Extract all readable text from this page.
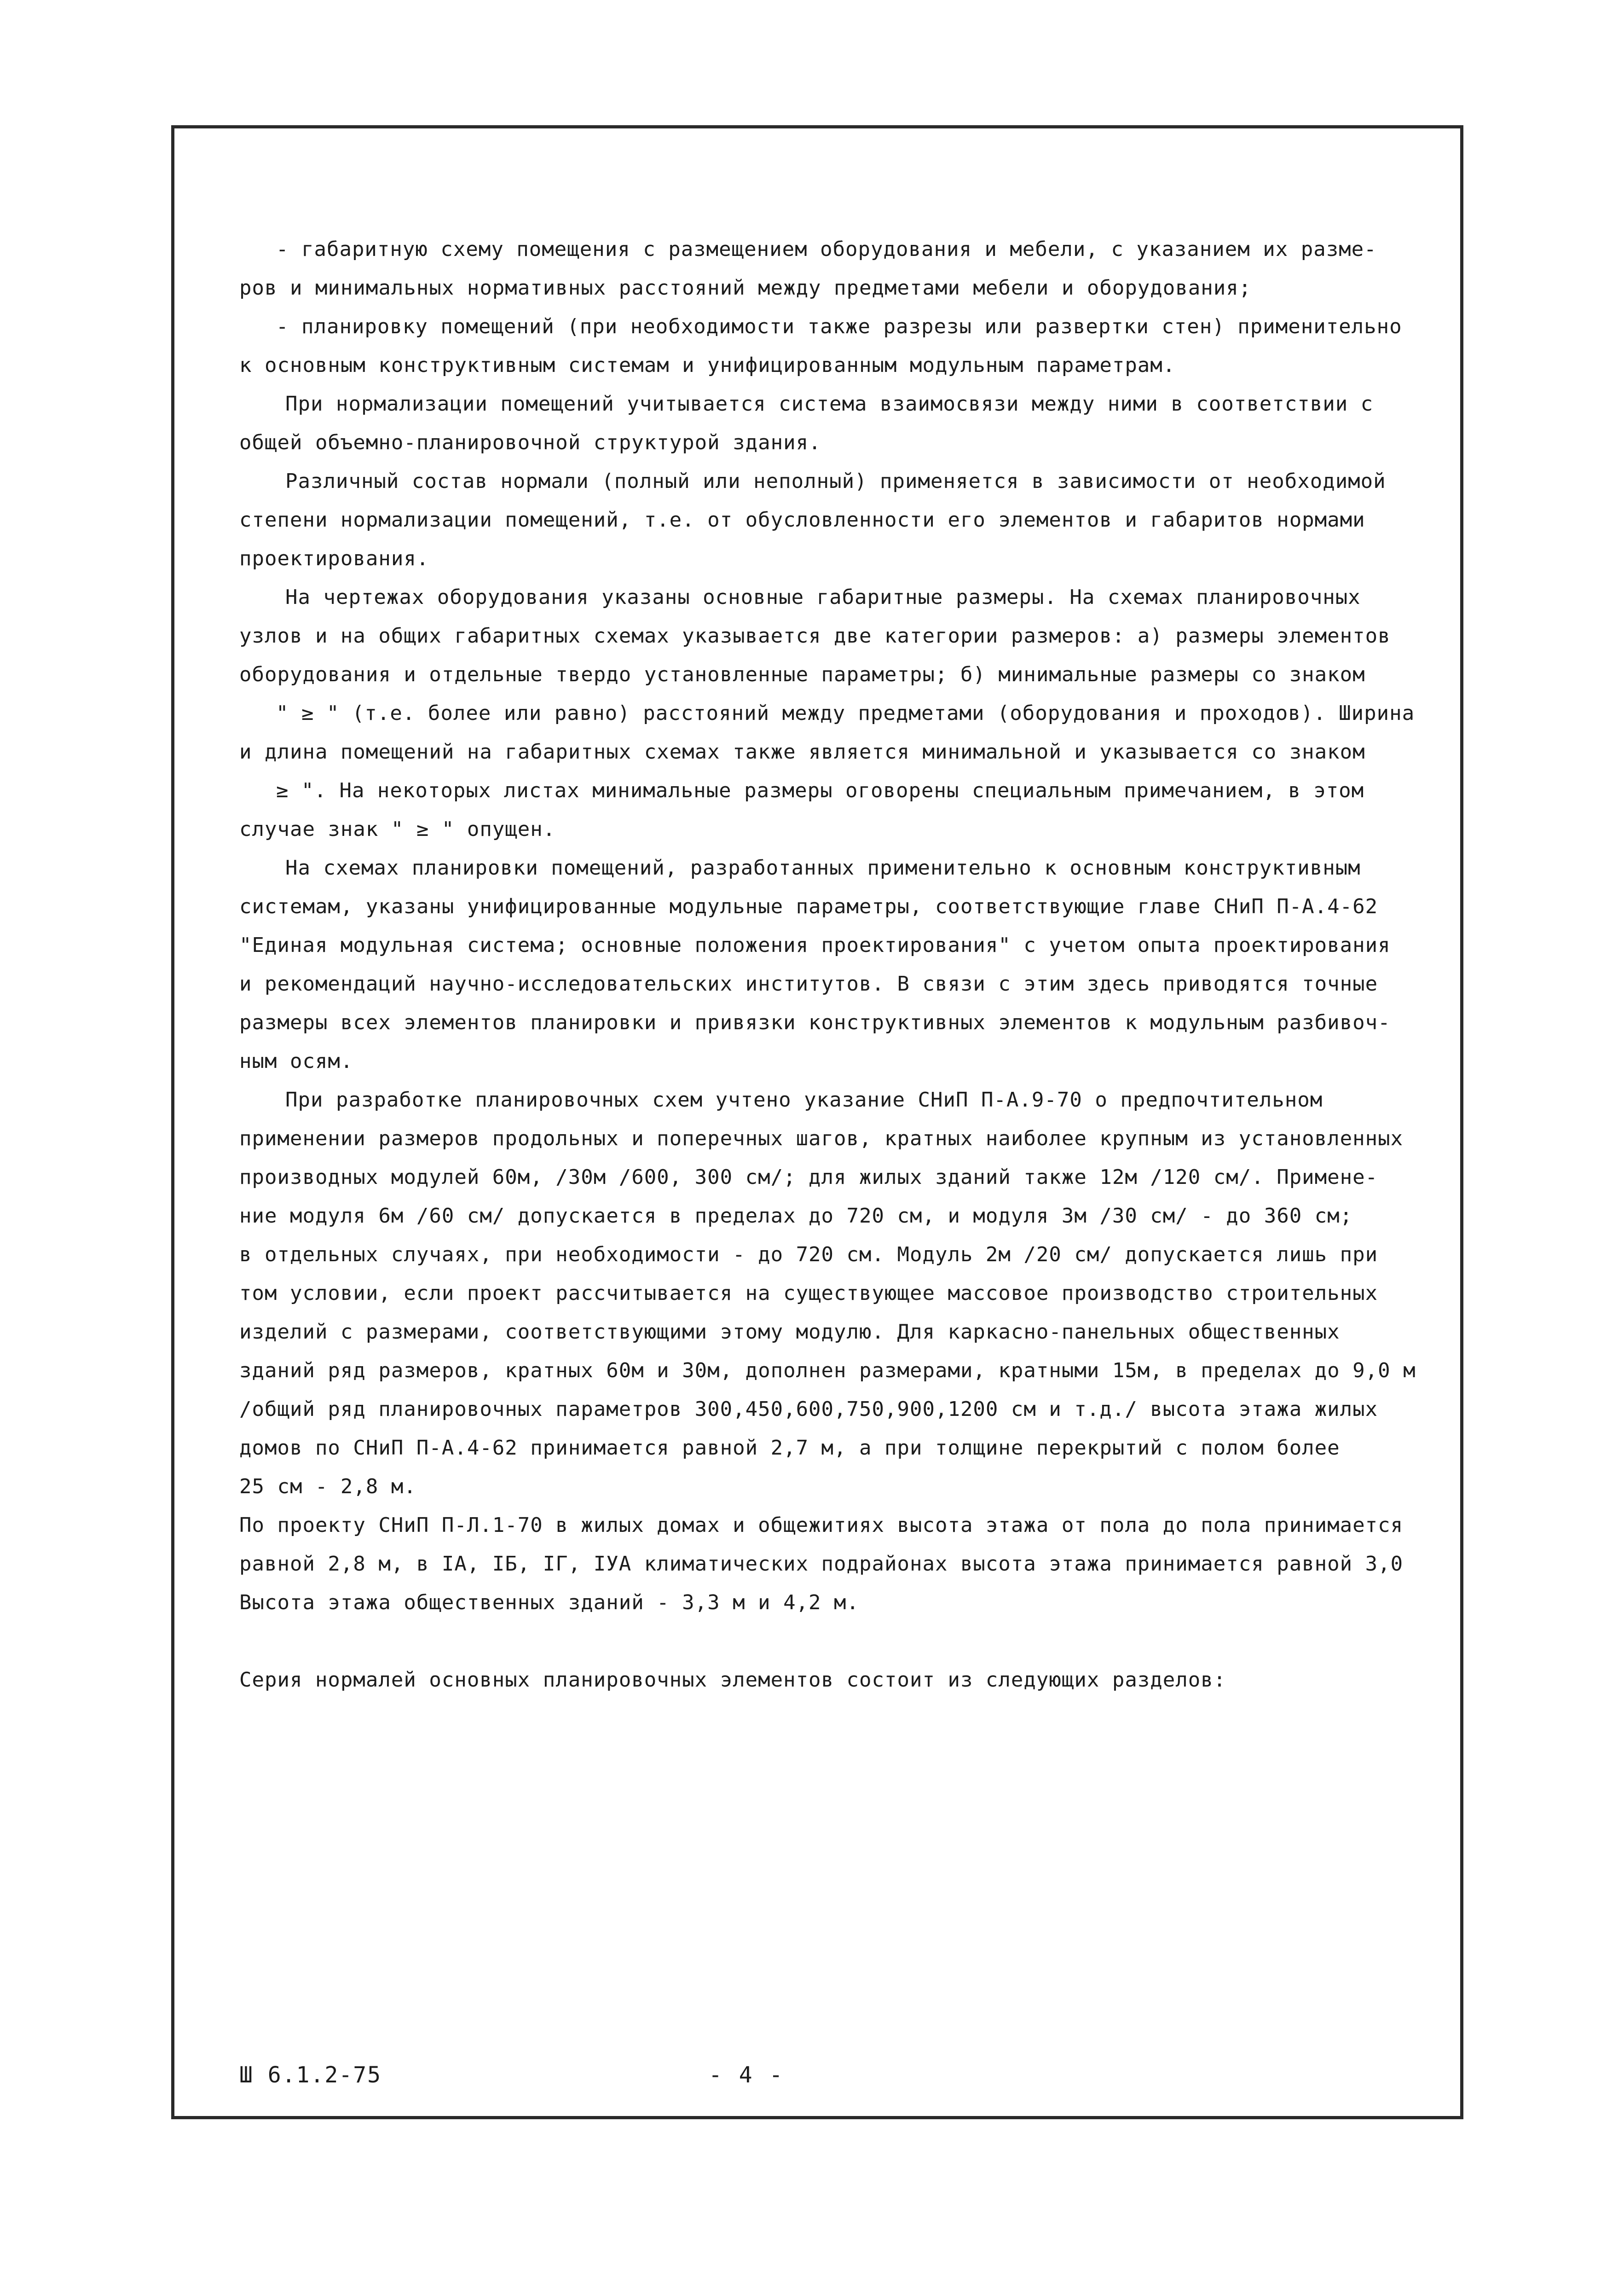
- габаритную схему помещения с размещением оборудования и мебели, с указанием их разме-
ров и минимальных нормативных расстояний между предметами мебели и оборудования;
- планировку помещений (при необходимости также разрезы или развертки стен) применительно
к основным конструктивным системам и унифицированным модульным параметрам.
При нормализации помещений учитывается система взаимосвязи между ними в соответствии с
общей объемно-планировочной структурой здания.
Различный состав нормали (полный или неполный) применяется в зависимости от необходимой
степени нормализации помещений, т.е. от обусловленности его элементов и габаритов нормами
проектирования.
На чертежах оборудования указаны основные габаритные размеры. На схемах планировочных
узлов и на общих габаритных схемах указывается две категории размеров: а) размеры элементов
оборудования и отдельные твердо установленные параметры; б) минимальные размеры со знаком
" ≥ " (т.е. более или равно) расстояний между предметами (оборудования и проходов). Ширина
и длина помещений на габаритных схемах также является минимальной и указывается со знаком
≥ ". На некоторых листах минимальные размеры оговорены специальным примечанием, в этом
случае знак " ≥ " опущен.
На схемах планировки помещений, разработанных применительно к основным конструктивным
системам, указаны унифицированные модульные параметры, соответствующие главе СНиП П-А.4-62
"Единая модульная система; основные положения проектирования" с учетом опыта проектирования
и рекомендаций научно-исследовательских институтов. В связи с этим здесь приводятся точные
размеры всех элементов планировки и привязки конструктивных элементов к модульным разбивоч-
ным осям.
При разработке планировочных схем учтено указание СНиП П-А.9-70 о предпочтительном
применении размеров продольных и поперечных шагов, кратных наиболее крупным из установленных
производных модулей 60м, /30м /600, 300 см/; для жилых зданий также 12м /120 см/. Примене-
ние модуля 6м /60 см/ допускается в пределах до 720 см, и модуля 3м /30 см/ - до 360 см;
в отдельных случаях, при необходимости - до 720 см. Модуль 2м /20 см/ допускается лишь при
том условии, если проект рассчитывается на существующее массовое производство строительных
изделий с размерами, соответствующими этому модулю. Для каркасно-панельных общественных
зданий ряд размеров, кратных 60м и 30м, дополнен размерами, кратными 15м, в пределах до 9,0 м
/общий ряд планировочных параметров 300,450,600,750,900,1200 см и т.д./ высота этажа жилых
домов по СНиП П-А.4-62 принимается равной 2,7 м, а при толщине перекрытий с полом более
25 см - 2,8 м.
По проекту СНиП П-Л.1-70 в жилых домах и общежитиях высота этажа от пола до пола принимается
равной 2,8 м, в IА, IБ, IГ, IУА климатических подрайонах высота этажа принимается равной 3,0
Высота этажа общественных зданий - 3,3 м и 4,2 м.
Серия нормалей основных планировочных элементов состоит из следующих разделов:
Ш 6.1.2-75	- 4 -
